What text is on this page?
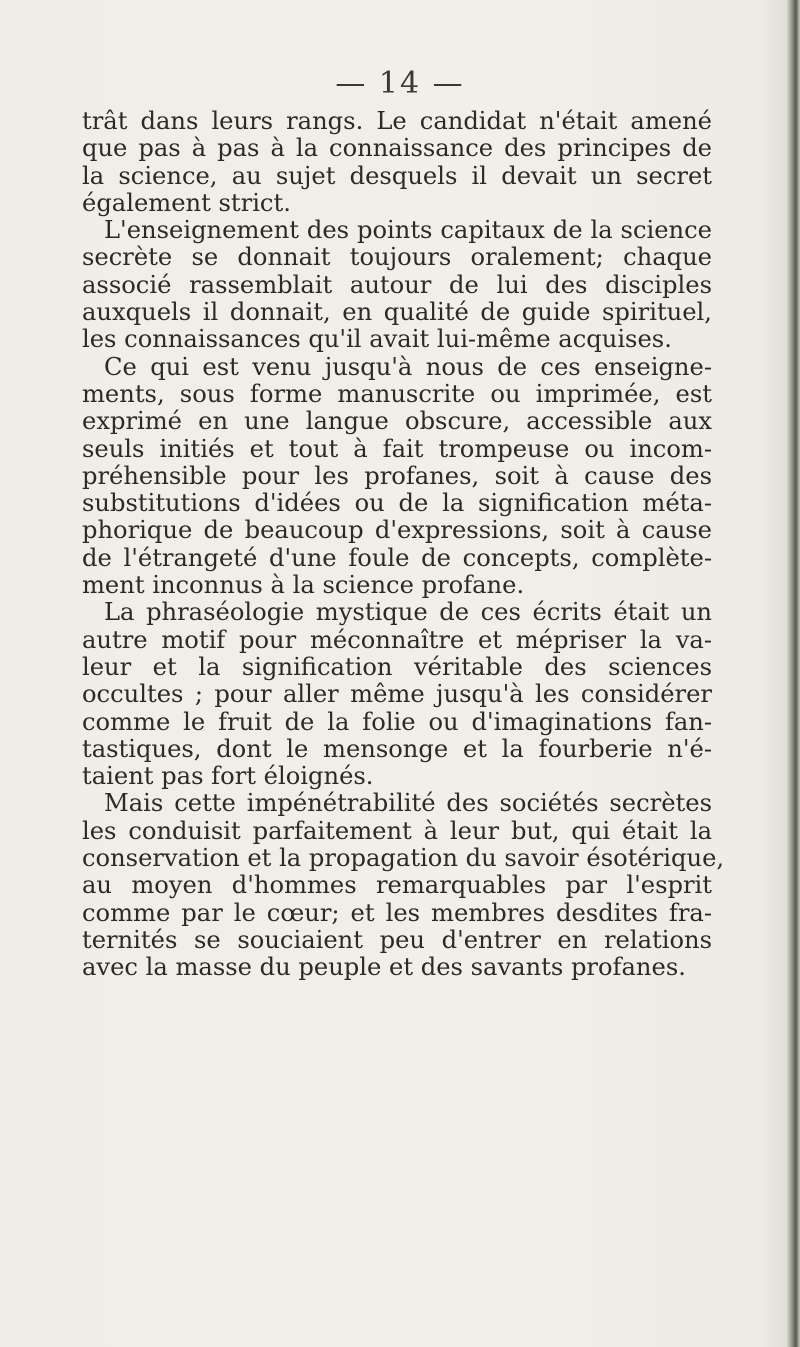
— 14 —
trât dans leurs rangs. Le candidat n'était amené
que pas à pas à la connaissance des principes de
la science, au sujet desquels il devait un secret
également strict.
L'enseignement des points capitaux de la science
secrète se donnait toujours oralement; chaque
associé rassemblait autour de lui des disciples
auxquels il donnait, en qualité de guide spirituel,
les connaissances qu'il avait lui-même acquises.
Ce qui est venu jusqu'à nous de ces enseigne-
ments, sous forme manuscrite ou imprimée, est
exprimé en une langue obscure, accessible aux
seuls initiés et tout à fait trompeuse ou incom-
préhensible pour les profanes, soit à cause des
substitutions d'idées ou de la signification méta-
phorique de beaucoup d'expressions, soit à cause
de l'étrangeté d'une foule de concepts, complète-
ment inconnus à la science profane.
La phraséologie mystique de ces écrits était un
autre motif pour méconnaître et mépriser la va-
leur et la signification véritable des sciences
occultes ; pour aller même jusqu'à les considérer
comme le fruit de la folie ou d'imaginations fan-
tastiques, dont le mensonge et la fourberie n'é-
taient pas fort éloignés.
Mais cette impénétrabilité des sociétés secrètes
les conduisit parfaitement à leur but, qui était la
conservation et la propagation du savoir ésotérique,
au moyen d'hommes remarquables par l'esprit
comme par le cœur; et les membres desdites fra-
ternités se souciaient peu d'entrer en relations
avec la masse du peuple et des savants profanes.
